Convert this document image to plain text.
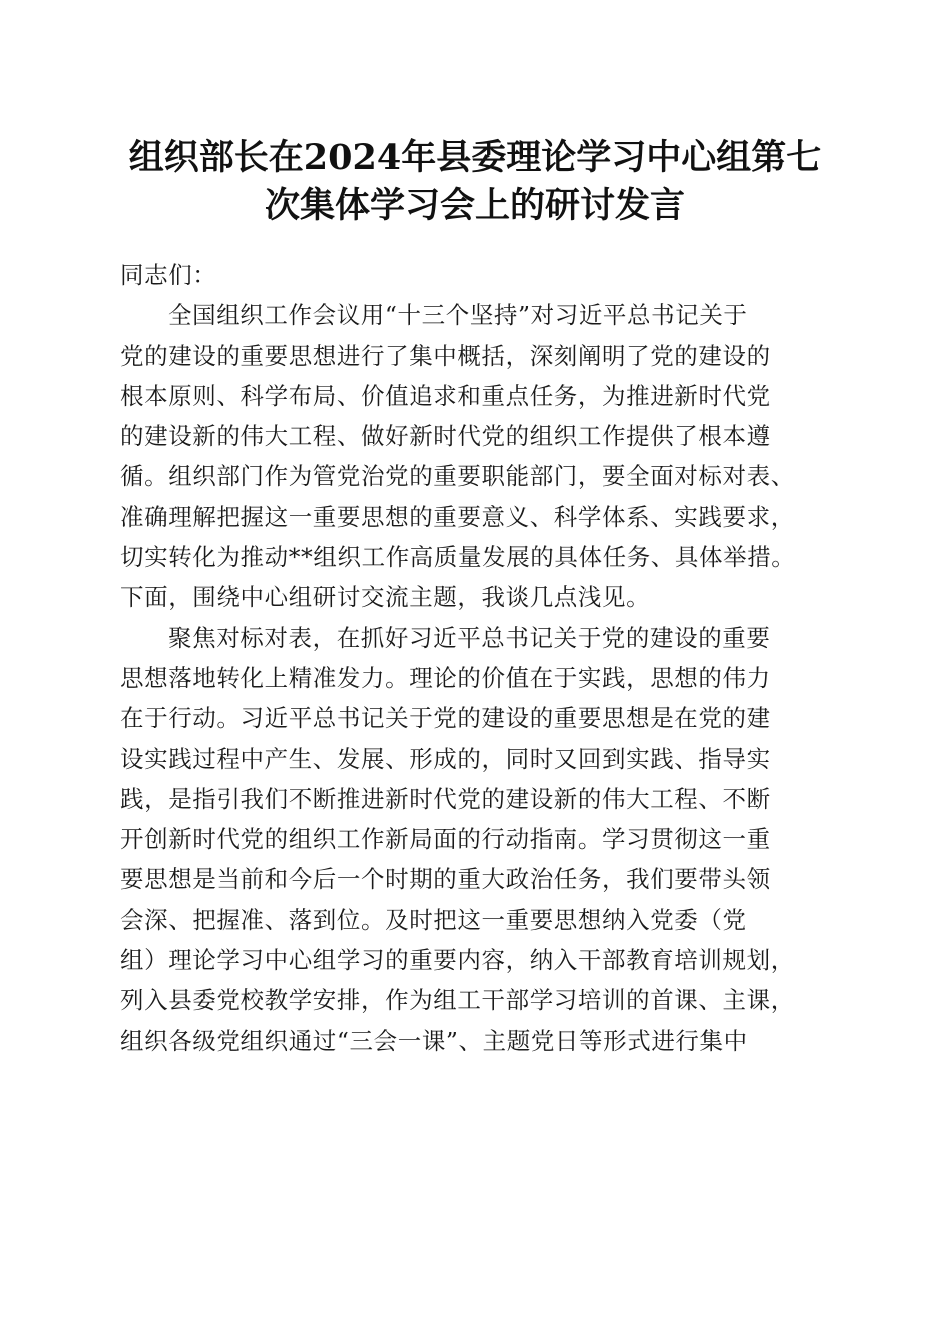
组织部长在2024年县委理论学习中心组第七
次集体学习会上的研讨发言
同志们：
全国组织工作会议用“十三个坚持”对习近平总书记关于
党的建设的重要思想进行了集中概括，深刻阐明了党的建设的
根本原则、科学布局、价值追求和重点任务，为推进新时代党
的建设新的伟大工程、做好新时代党的组织工作提供了根本遵
循。组织部门作为管党治党的重要职能部门，要全面对标对表、
准确理解把握这一重要思想的重要意义、科学体系、实践要求，
切实转化为推动**组织工作高质量发展的具体任务、具体举措。
下面，围绕中心组研讨交流主题，我谈几点浅见。
聚焦对标对表，在抓好习近平总书记关于党的建设的重要
思想落地转化上精准发力。理论的价值在于实践，思想的伟力
在于行动。习近平总书记关于党的建设的重要思想是在党的建
设实践过程中产生、发展、形成的，同时又回到实践、指导实
践，是指引我们不断推进新时代党的建设新的伟大工程、不断
开创新时代党的组织工作新局面的行动指南。学习贯彻这一重
要思想是当前和今后一个时期的重大政治任务，我们要带头领
会深、把握准、落到位。及时把这一重要思想纳入党委（党
组）理论学习中心组学习的重要内容，纳入干部教育培训规划，
列入县委党校教学安排，作为组工干部学习培训的首课、主课，
组织各级党组织通过“三会一课”、主题党日等形式进行集中
